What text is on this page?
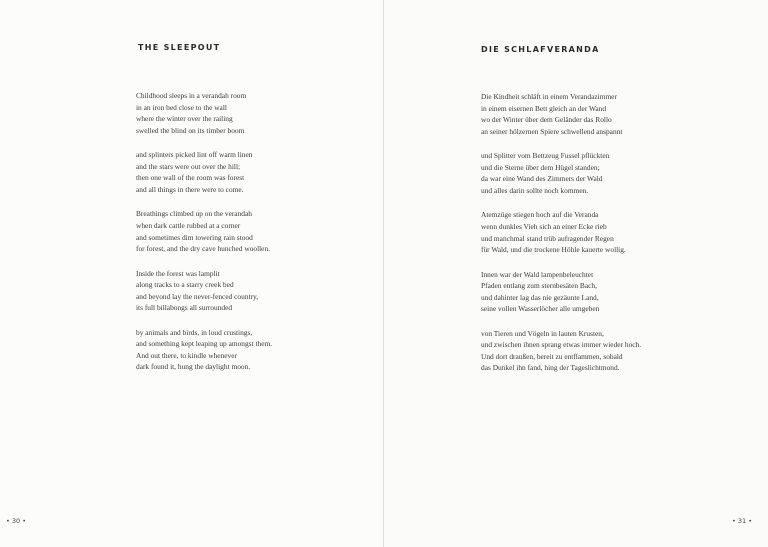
THE SLEEPOUT
Childhood sleeps in a verandah room
in an iron bed close to the wall
where the winter over the railing
swelled the blind on its timber boom
and splinters picked lint off warm linen
and the stars were out over the hill;
then one wall of the room was forest
and all things in there were to come.
Breathings climbed up on the verandah
when dark cattle rubbed at a corner
and sometimes dim towering rain stood
for forest, and the dry cave hunched woollen.
Inside the forest was lamplit
along tracks to a starry creek bed
and beyond lay the never-fenced country,
its full billabongs all surrounded
by animals and birds, in loud crustings,
and something kept leaping up amongst them.
And out there, to kindle whenever
dark found it, hung the daylight moon.
• 30 •
DIE SCHLAFVERANDA
Die Kindheit schläft in einem Verandazimmer
in einem eisernen Bett gleich an der Wand
wo der Winter über dem Geländer das Rollo
an seiner hölzernen Spiere schwellend anspannt
und Splitter vom Bettzeug Fussel pflückten
und die Sterne über dem Hügel standen;
da war eine Wand des Zimmers der Wald
und alles darin sollte noch kommen.
Atemzüge stiegen hoch auf die Veranda
wenn dunkles Vieh sich an einer Ecke rieb
und manchmal stand trüb aufragender Regen
für Wald, und die trockene Höhle kauerte wollig.
Innen war der Wald lampenbeleuchtet
Pfaden entlang zum sternbesäten Bach,
und dahinter lag das nie gezäunte Land,
seine vollen Wasserlöcher alle umgeben
von Tieren und Vögeln in lauten Krusten,
und zwischen ihnen sprang etwas immer wieder hoch.
Und dort draußen, bereit zu entflammen, sobald
das Dunkel ihn fand, hing der Tageslichtmond.
• 31 •
